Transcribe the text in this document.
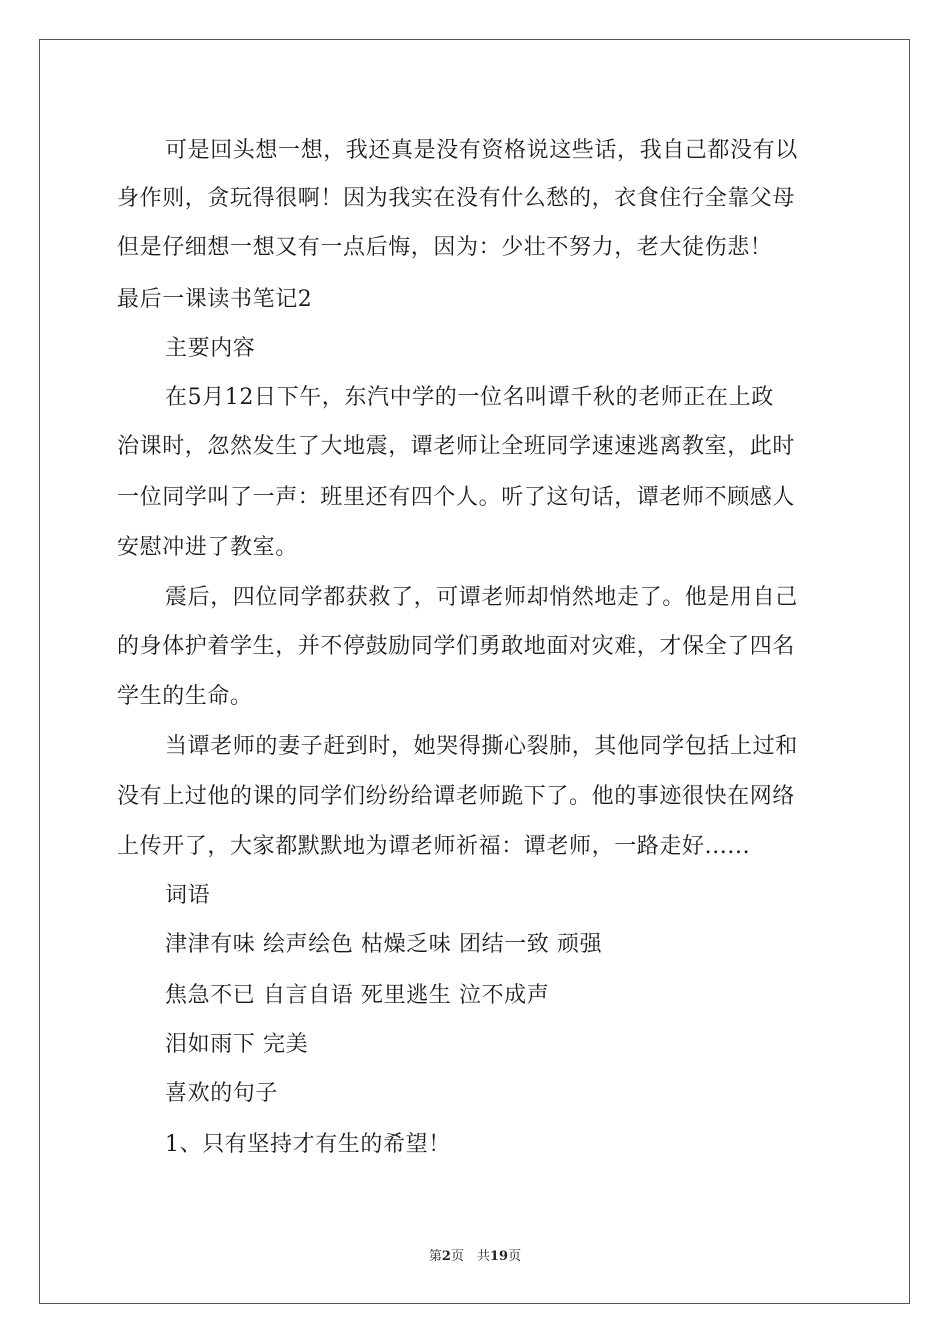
可是回头想一想，我还真是没有资格说这些话，我自己都没有以
身作则，贪玩得很啊！因为我实在没有什么愁的，衣食住行全靠父母
但是仔细想一想又有一点后悔，因为：少壮不努力，老大徒伤悲！
最后一课读书笔记2
主要内容
在5月12日下午，东汽中学的一位名叫谭千秋的老师正在上政
治课时，忽然发生了大地震，谭老师让全班同学速速逃离教室，此时
一位同学叫了一声：班里还有四个人。听了这句话，谭老师不顾感人
安慰冲进了教室。
震后，四位同学都获救了，可谭老师却悄然地走了。他是用自己
的身体护着学生，并不停鼓励同学们勇敢地面对灾难，才保全了四名
学生的生命。
当谭老师的妻子赶到时，她哭得撕心裂肺，其他同学包括上过和
没有上过他的课的同学们纷纷给谭老师跪下了。他的事迹很快在网络
上传开了，大家都默默地为谭老师祈福：谭老师，一路走好......
词语
津津有味 绘声绘色 枯燥乏味 团结一致 顽强
焦急不已 自言自语 死里逃生 泣不成声
泪如雨下 完美
喜欢的句子
1、只有坚持才有生的希望！
第2页　共19页
